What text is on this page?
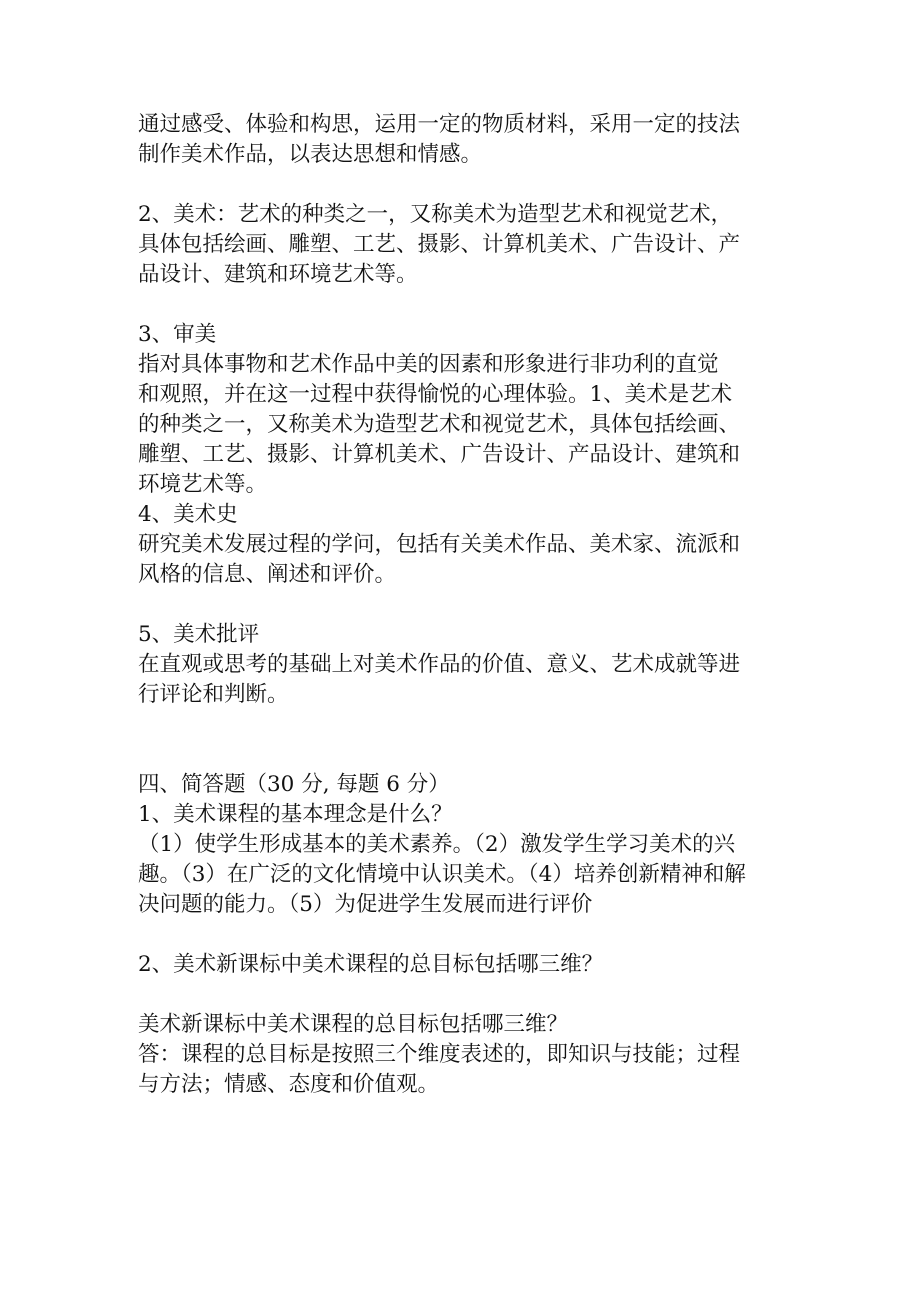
通过感受、体验和构思，运用一定的物质材料，采用一定的技法
制作美术作品，以表达思想和情感。
2、美术：艺术的种类之一，又称美术为造型艺术和视觉艺术，
具体包括绘画、雕塑、工艺、摄影、计算机美术、广告设计、产
品设计、建筑和环境艺术等。
3、审美
指对具体事物和艺术作品中美的因素和形象进行非功利的直觉
和观照，并在这一过程中获得愉悦的心理体验。1、美术是艺术
的种类之一，又称美术为造型艺术和视觉艺术，具体包括绘画、
雕塑、工艺、摄影、计算机美术、广告设计、产品设计、建筑和
环境艺术等。
4、美术史
研究美术发展过程的学问，包括有关美术作品、美术家、流派和
风格的信息、阐述和评价。
5、美术批评
在直观或思考的基础上对美术作品的价值、意义、艺术成就等进
行评论和判断。
四、简答题（30 分, 每题 6 分）
1、美术课程的基本理念是什么？
（1）使学生形成基本的美术素养。（2）激发学生学习美术的兴
趣。（3）在广泛的文化情境中认识美术。（4）培养创新精神和解
决问题的能力。（5）为促进学生发展而进行评价
2、美术新课标中美术课程的总目标包括哪三维？
美术新课标中美术课程的总目标包括哪三维？
答：课程的总目标是按照三个维度表述的，即知识与技能；过程
与方法；情感、态度和价值观。
